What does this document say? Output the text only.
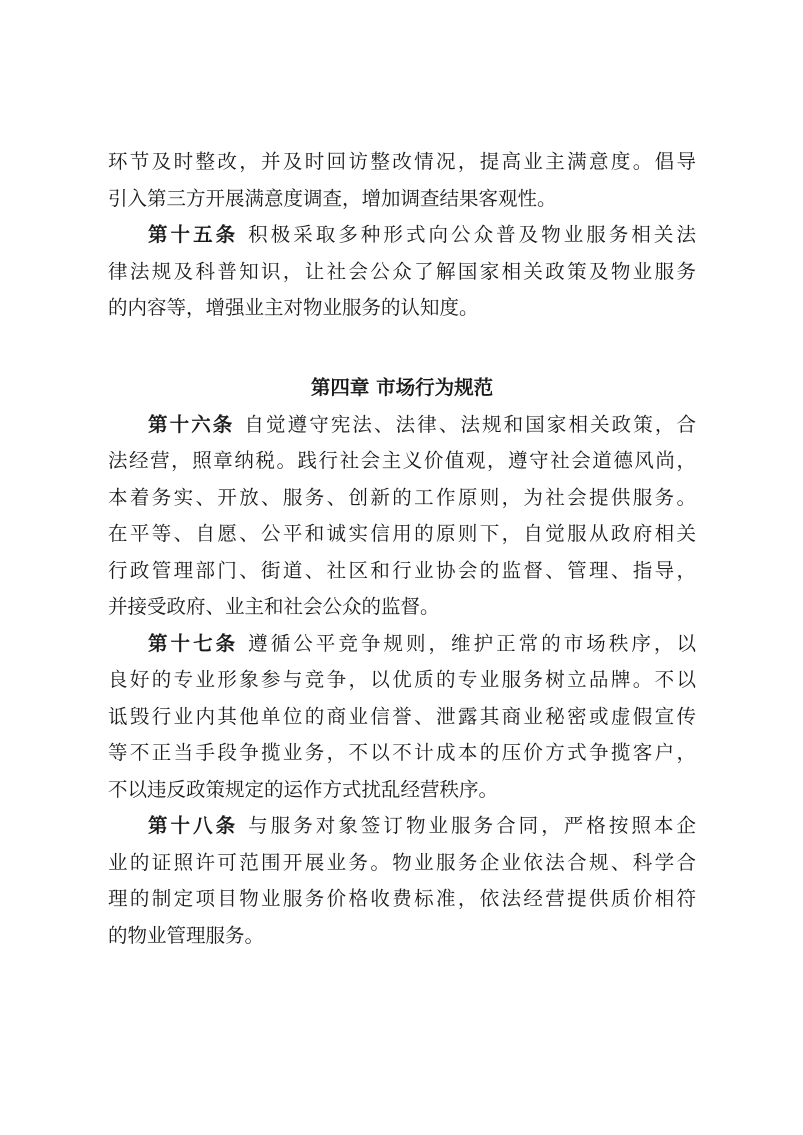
环节及时整改，并及时回访整改情况，提高业主满意度。倡导
引入第三方开展满意度调查，增加调查结果客观性。
第十五条 积极采取多种形式向公众普及物业服务相关法
律法规及科普知识，让社会公众了解国家相关政策及物业服务
的内容等，增强业主对物业服务的认知度。
第四章 市场行为规范
第十六条 自觉遵守宪法、法律、法规和国家相关政策，合
法经营，照章纳税。践行社会主义价值观，遵守社会道德风尚，
本着务实、开放、服务、创新的工作原则，为社会提供服务。
在平等、自愿、公平和诚实信用的原则下，自觉服从政府相关
行政管理部门、街道、社区和行业协会的监督、管理、指导，
并接受政府、业主和社会公众的监督。
第十七条 遵循公平竞争规则，维护正常的市场秩序，以
良好的专业形象参与竞争，以优质的专业服务树立品牌。不以
诋毁行业内其他单位的商业信誉、泄露其商业秘密或虚假宣传
等不正当手段争揽业务，不以不计成本的压价方式争揽客户，
不以违反政策规定的运作方式扰乱经营秩序。
第十八条 与服务对象签订物业服务合同，严格按照本企
业的证照许可范围开展业务。物业服务企业依法合规、科学合
理的制定项目物业服务价格收费标准，依法经营提供质价相符
的物业管理服务。
